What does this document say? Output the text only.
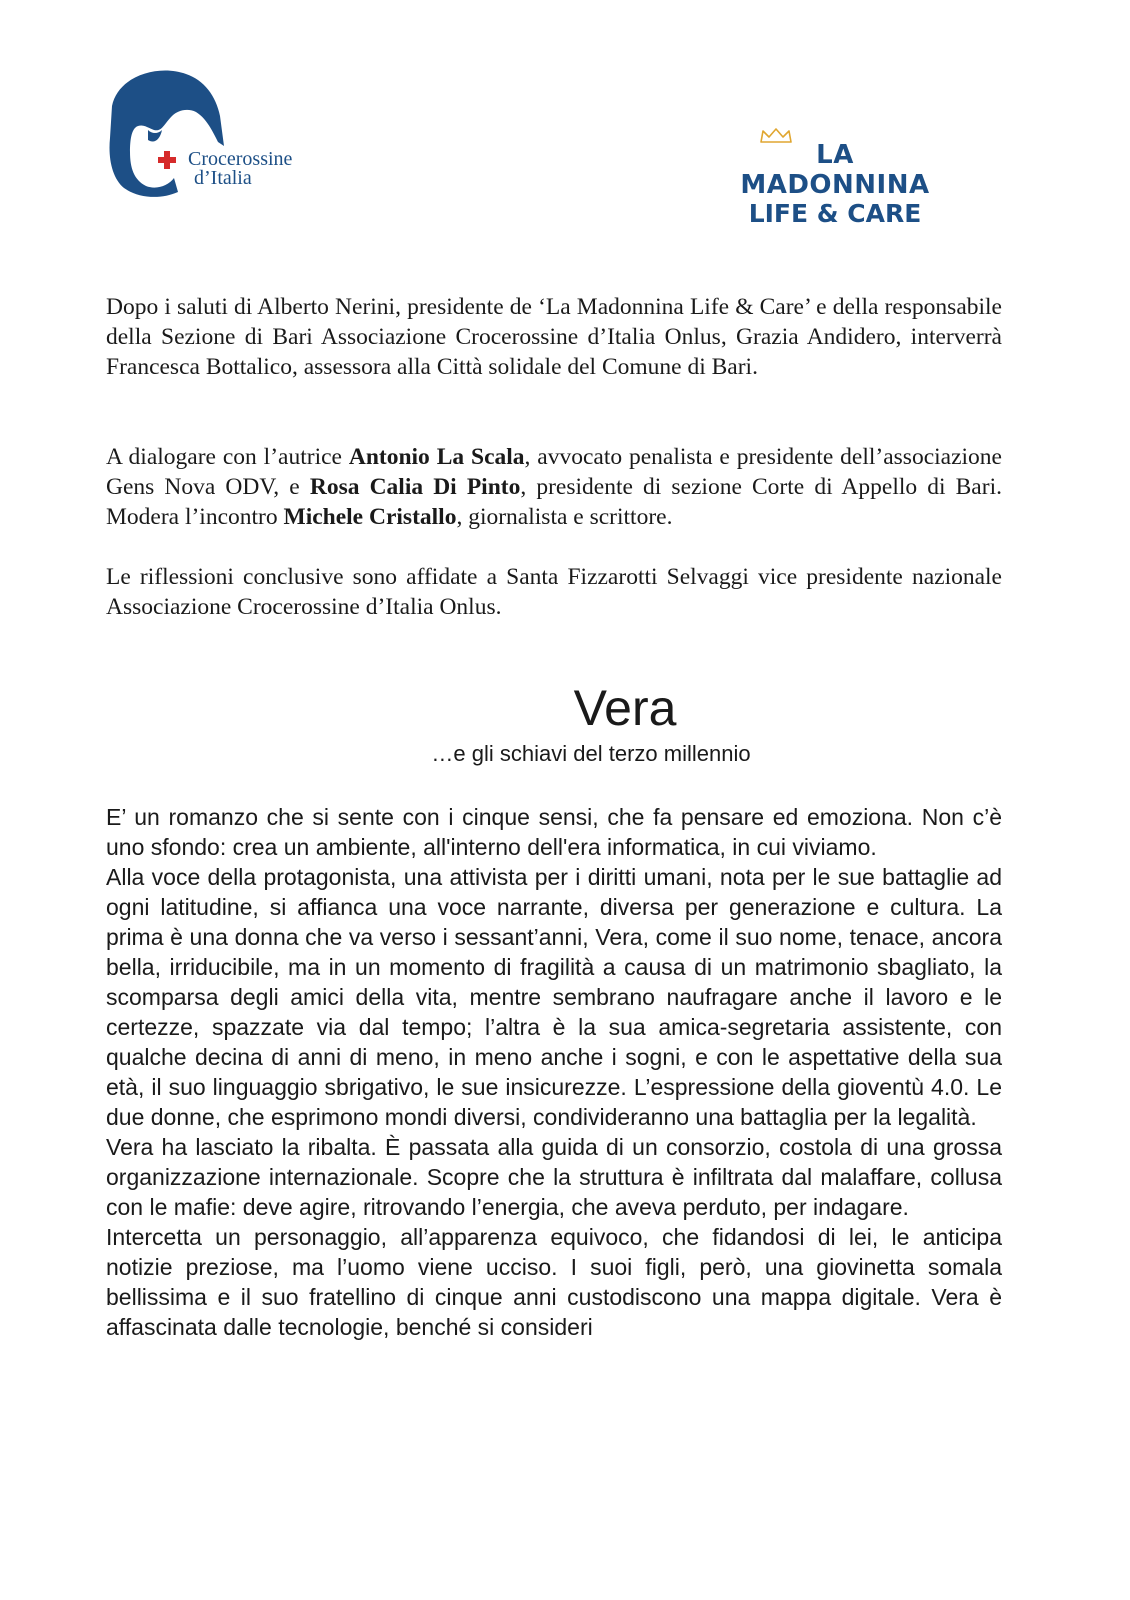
Crocerossine
d’Italia
LA MADONNINA
LIFE & CARE

Dopo i saluti di Alberto Nerini, presidente de ‘La Madonnina Life & Care’ e della responsabile della Sezione di Bari Associazione Crocerossine d’Italia Onlus, Grazia Andidero, interverrà Francesca Bottalico, assessora alla Città solidale del Comune di Bari.

A dialogare con l’autrice Antonio La Scala, avvocato penalista e presidente dell’associazione Gens Nova ODV, e Rosa Calia Di Pinto, presidente di sezione Corte di Appello di Bari. Modera l’incontro Michele Cristallo, giornalista e scrittore.

Le riflessioni conclusive sono affidate a Santa Fizzarotti Selvaggi vice presidente nazionale Associazione Crocerossine d’Italia Onlus.

Vera
…e gli schiavi del terzo millennio

E’ un romanzo che si sente con i cinque sensi, che fa pensare ed emoziona. Non c’è uno sfondo: crea un ambiente, all'interno dell'era informatica, in cui viviamo.

Alla voce della protagonista, una attivista per i diritti umani, nota per le sue battaglie ad ogni latitudine, si affianca una voce narrante, diversa per generazione e cultura. La prima è una donna che va verso i sessant’anni, Vera, come il suo nome, tenace, ancora bella, irriducibile, ma in un momento di fragilità a causa di un matrimonio sbagliato, la scomparsa degli amici della vita, mentre sembrano naufragare anche il lavoro e le certezze, spazzate via dal tempo; l’altra è la sua amica-segretaria assistente, con qualche decina di anni di meno, in meno anche i sogni, e con le aspettative della sua età, il suo linguaggio sbrigativo, le sue insicurezze. L’espressione della gioventù 4.0. Le due donne, che esprimono mondi diversi, condivideranno una battaglia per la legalità.

Vera ha lasciato la ribalta. È passata alla guida di un consorzio, costola di una grossa organizzazione internazionale. Scopre che la struttura è infiltrata dal malaffare, collusa con le mafie: deve agire, ritrovando l’energia, che aveva perduto, per indagare.

Intercetta un personaggio, all’apparenza equivoco, che fidandosi di lei, le anticipa notizie preziose, ma l’uomo viene ucciso. I suoi figli, però, una giovinetta somala bellissima e il suo fratellino di cinque anni custodiscono una mappa digitale. Vera è affascinata dalle tecnologie, benché si consideri
